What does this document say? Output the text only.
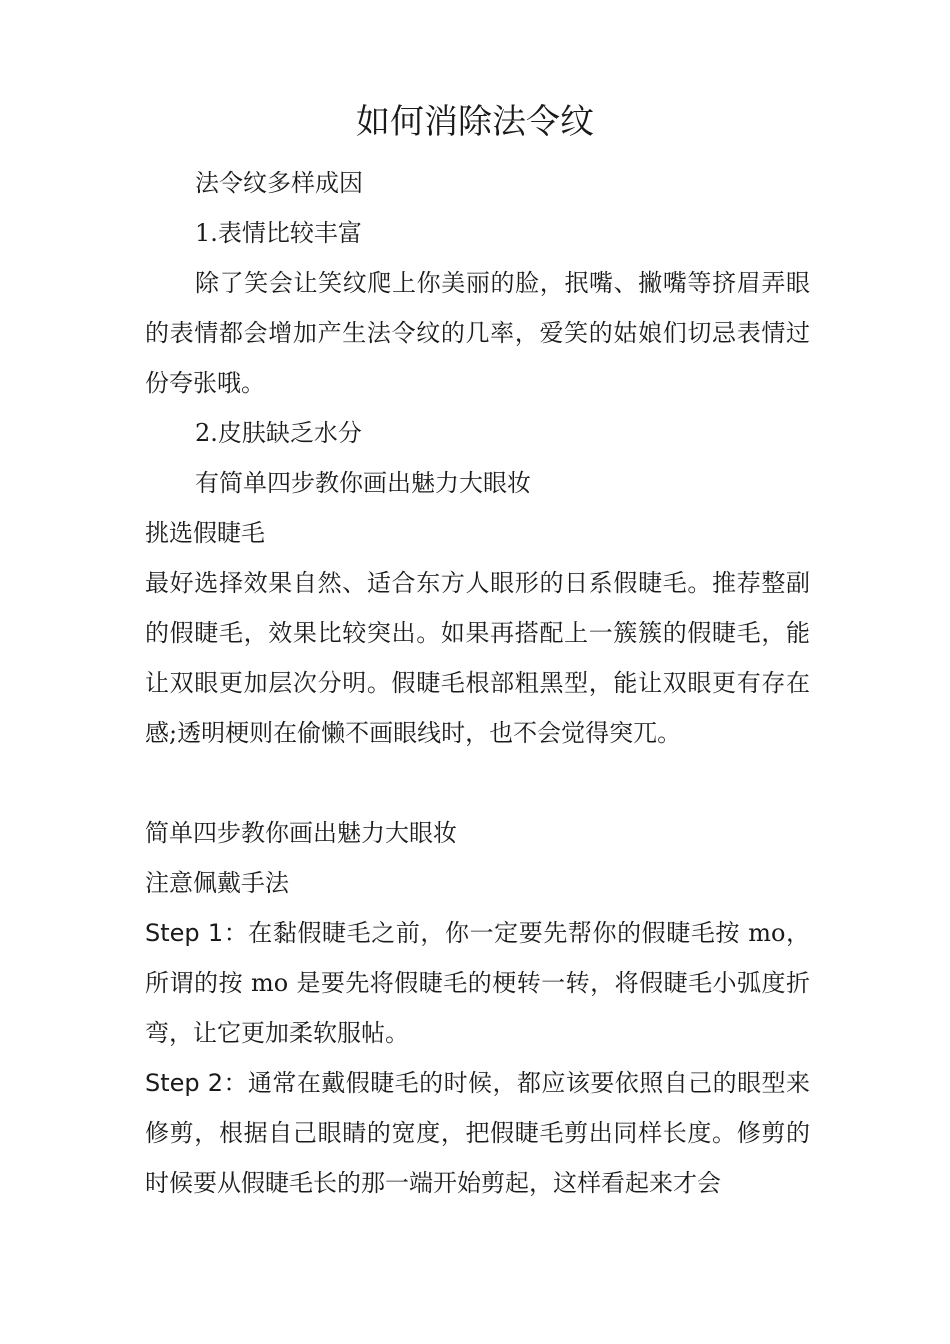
如何消除法令纹

法令纹多样成因

1.表情比较丰富

除了笑会让笑纹爬上你美丽的脸，抿嘴、撇嘴等挤眉弄眼的表情都会增加产生法令纹的几率，爱笑的姑娘们切忌表情过份夸张哦。

2.皮肤缺乏水分

有简单四步教你画出魅力大眼妆

挑选假睫毛

最好选择效果自然、适合东方人眼形的日系假睫毛。推荐整副的假睫毛，效果比较突出。如果再搭配上一簇簇的假睫毛，能让双眼更加层次分明。假睫毛根部粗黑型，能让双眼更有存在感;透明梗则在偷懒不画眼线时，也不会觉得突兀。

简单四步教你画出魅力大眼妆

注意佩戴手法

Step 1：在黏假睫毛之前，你一定要先帮你的假睫毛按 mo，所谓的按 mo 是要先将假睫毛的梗转一转，将假睫毛小弧度折弯，让它更加柔软服帖。

Step 2：通常在戴假睫毛的时候，都应该要依照自己的眼型来修剪，根据自己眼睛的宽度，把假睫毛剪出同样长度。修剪的时候要从假睫毛长的那一端开始剪起，这样看起来才会
